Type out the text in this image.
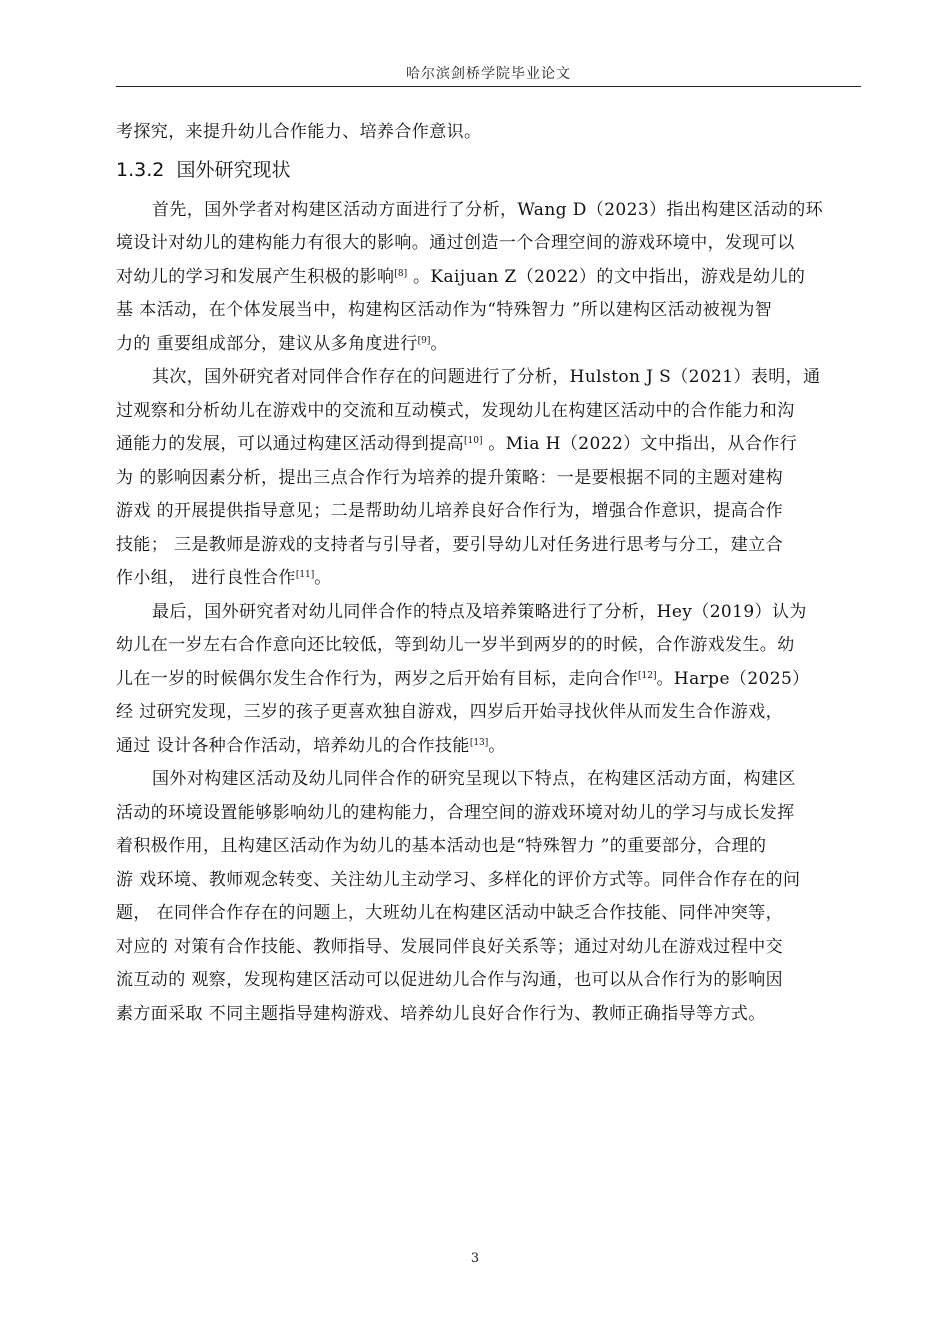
哈尔滨剑桥学院毕业论文
考探究，来提升幼儿合作能力、培养合作意识。
1.3.2 国外研究现状
首先，国外学者对构建区活动方面进行了分析，Wang D（2023）指出构建区活动的环
境设计对幼儿的建构能力有很大的影响。通过创造一个合理空间的游戏环境中，发现可以
对幼儿的学习和发展产生积极的影响[8] 。Kaijuan Z（2022）的文中指出，游戏是幼儿的
基 本活动，在个体发展当中，构建构区活动作为“特殊智力 ”所以建构区活动被视为智
力的 重要组成部分，建议从多角度进行[9]。
其次，国外研究者对同伴合作存在的问题进行了分析，Hulston J S（2021）表明，通
过观察和分析幼儿在游戏中的交流和互动模式，发现幼儿在构建区活动中的合作能力和沟
通能力的发展，可以通过构建区活动得到提高[10] 。Mia H（2022）文中指出，从合作行
为 的影响因素分析，提出三点合作行为培养的提升策略：一是要根据不同的主题对建构
游戏 的开展提供指导意见；二是帮助幼儿培养良好合作行为，增强合作意识，提高合作
技能； 三是教师是游戏的支持者与引导者，要引导幼儿对任务进行思考与分工，建立合
作小组， 进行良性合作[11]。
最后，国外研究者对幼儿同伴合作的特点及培养策略进行了分析，Hey（2019）认为
幼儿在一岁左右合作意向还比较低，等到幼儿一岁半到两岁的的时候，合作游戏发生。幼
儿在一岁的时候偶尔发生合作行为，两岁之后开始有目标，走向合作[12]。Harpe（2025）
经 过研究发现，三岁的孩子更喜欢独自游戏，四岁后开始寻找伙伴从而发生合作游戏，
通过 设计各种合作活动，培养幼儿的合作技能[13]。
国外对构建区活动及幼儿同伴合作的研究呈现以下特点，在构建区活动方面，构建区
活动的环境设置能够影响幼儿的建构能力，合理空间的游戏环境对幼儿的学习与成长发挥
着积极作用，且构建区活动作为幼儿的基本活动也是“特殊智力 ”的重要部分，合理的
游 戏环境、教师观念转变、关注幼儿主动学习、多样化的评价方式等。同伴合作存在的问
题， 在同伴合作存在的问题上，大班幼儿在构建区活动中缺乏合作技能、同伴冲突等，
对应的 对策有合作技能、教师指导、发展同伴良好关系等；通过对幼儿在游戏过程中交
流互动的 观察，发现构建区活动可以促进幼儿合作与沟通，也可以从合作行为的影响因
素方面采取 不同主题指导建构游戏、培养幼儿良好合作行为、教师正确指导等方式。
3
